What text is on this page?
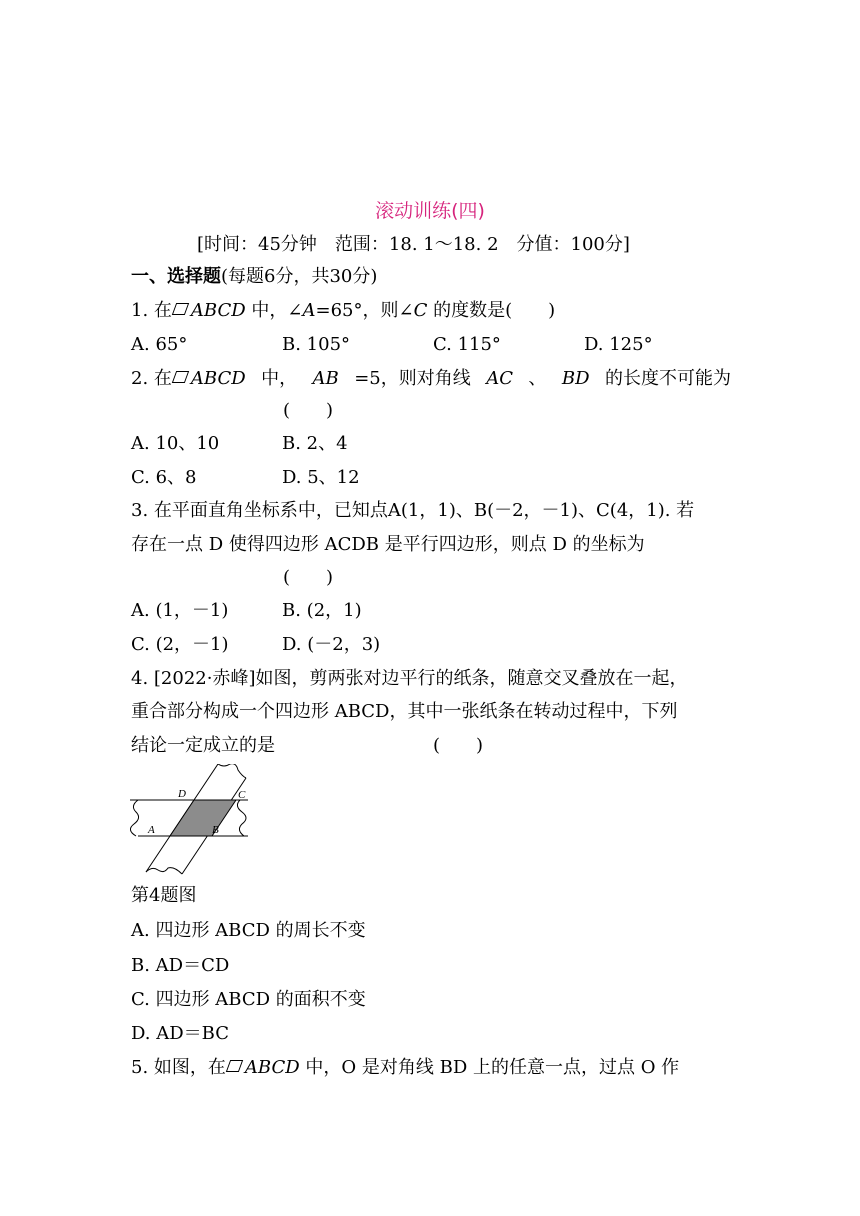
滚动训练(四)
[时间：45分钟　范围：18. 1～18. 2　分值：100分]
一、选择题(每题6分，共30分)
1. 在 ABCD 中，∠A=65°，则∠C 的度数是(　　)
A. 65°	B. 105°	C. 115°	D. 125°
2. 在 ABCD 中， AB =5，则对角线 AC 、 BD 的长度不可能为
(　　)
A. 10、10	B. 2、4
C. 6、8	D. 5、12
3. 在平面直角坐标系中，已知点A(1，1)、B(－2，－1)、C(4，1). 若
存在一点 D 使得四边形 ACDB 是平行四边形，则点 D 的坐标为
(　　)
A. (1，－1)	B. (2，1)
C. (2，－1)	D. (－2，3)
4. [2022·赤峰]如图，剪两张对边平行的纸条，随意交叉叠放在一起，
重合部分构成一个四边形 ABCD，其中一张纸条在转动过程中，下列
结论一定成立的是	(　　)
D	C
A	B
第4题图
A. 四边形 ABCD 的周长不变
B. AD＝CD
C. 四边形 ABCD 的面积不变
D. AD＝BC
5. 如图，在 ABCD 中，O 是对角线 BD 上的任意一点，过点 O 作
